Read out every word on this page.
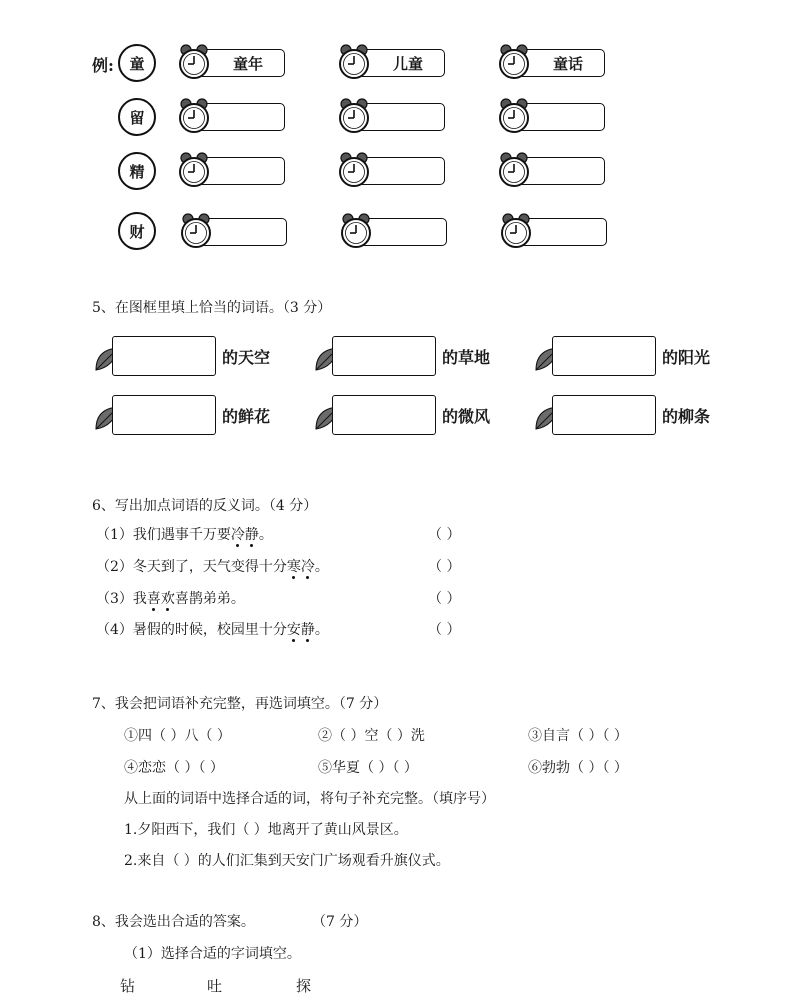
例:	童	童年	儿童	童话
留
精
财
5、在图框里填上恰当的词语。（3 分）
的天空	的草地	的阳光
的鲜花	的微风	的柳条
6、写出加点词语的反义词。（4 分）
（1）我们遇事千万要冷静。	（ ）
（2）冬天到了，天气变得十分寒冷。	（ ）
（3）我喜欢喜鹊弟弟。	（ ）
（4）暑假的时候，校园里十分安静。	（ ）
7、我会把词语补充完整，再选词填空。（7 分）
①四（ ）八（ ）	②（ ）空（ ）洗	③自言（ ）（ ）
④恋恋（ ）（ ）	⑤华夏（ ）（ ）	⑥勃勃（ ）（ ）
从上面的词语中选择合适的词，将句子补充完整。（填序号）
1.夕阳西下，我们（ ）地离开了黄山风景区。
2.来自（ ）的人们汇集到天安门广场观看升旗仪式。
8、我会选出合适的答案。	（7 分）
（1）选择合适的字词填空。
钻	吐	探
